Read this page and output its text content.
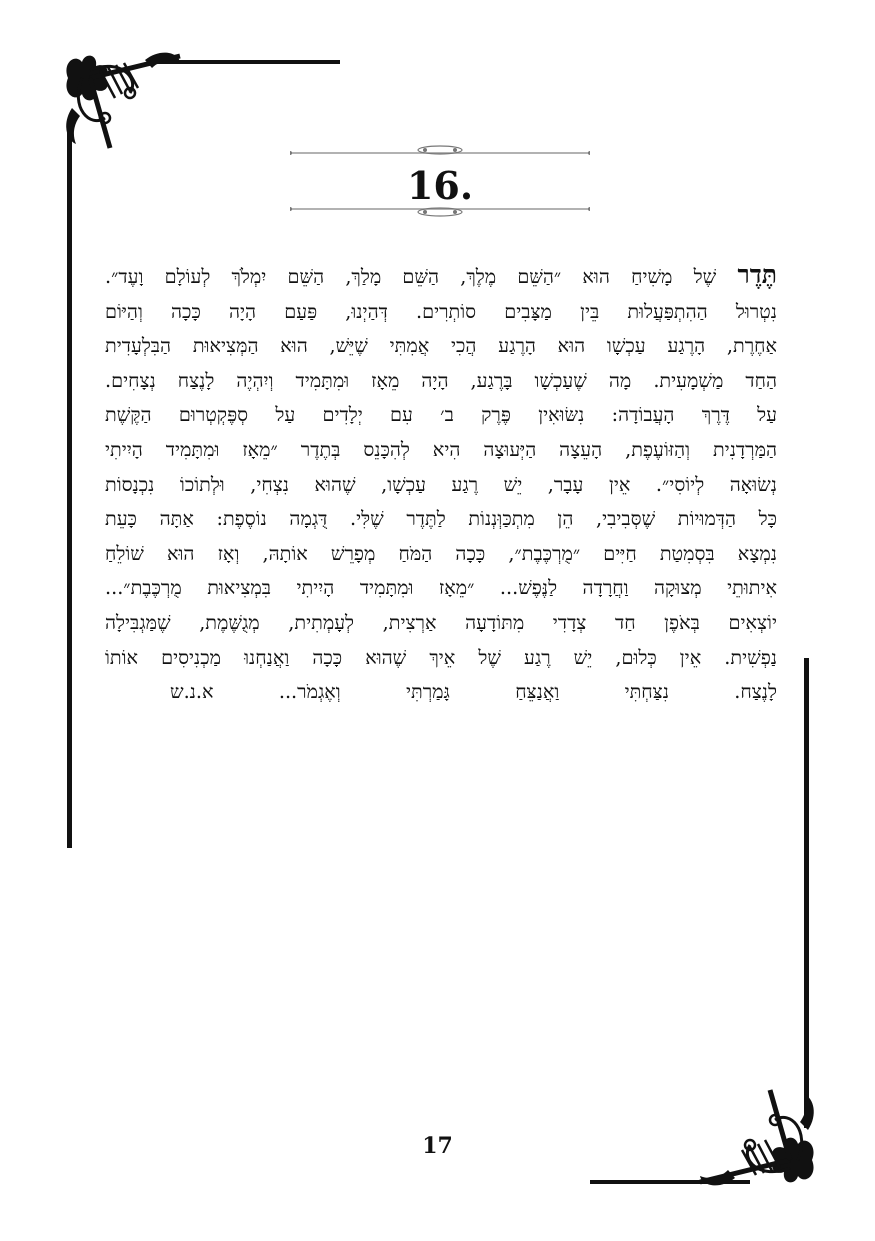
16.
תֶּדֶר שֶׁל מָשִׁיחַ הוּא ״הַשֵּׁם מֶלֶךְ, הַשֵּׁם מָלַךְ, הַשֵּׁם יִמְלֹךְ לְעוֹלָם וָעֶד״.
נִטְרוּל הַהִתְפַּעֲלוּת בֵּין מַצָּבִים סוֹתְרִים. דְּהַיְנוּ, פַּעַם הָיָה כָּכָה וְהַיּוֹם
אַחֶרֶת, הָרֶגַע עַכְשָׁו הוּא הָרֶגַע הֲכִי אֲמִתִּי שֶׁיֵּשׁ, הוּא הַמְּצִיאוּת הַבִּלְעָדִית
הַחַד מַשְׁמָעִית. מָה שֶׁעַכְשָׁו בָּרֶגַע, הָיָה מֵאָז וּמִתָּמִיד וְיִהְיֶה לָנֶצַח נְצָחִים.
עַל דֶּרֶךְ הָעֲבוֹדָה: נִשּׂוּאִין פֶּרֶק ב׳ עִם יְלָדִים עַל סְפֶּקְטְרוּם הַקֶּשֶׁת
הַמַּרְדָנִית וְהַזּוֹעֶפֶת, הָעֵצָה הַיְּעוּצָה הִיא לְהִכָּנֵס בְּתֶדֶר ״מֵאָז וּמִתָּמִיד הָיִיתִי
נְשׂוּאָה לְיוֹסִי״. אֵין עָבָר, יֵשׁ רֶגַע עַכְשָׁו, שֶׁהוּא נִצְחִי, וּלְתוֹכוֹ נִכְנָסוֹת
כָּל הַדְּמוּיוֹת שֶׁסְּבִיבִי, הֵן מִתְכַּוְּנְנוֹת לַתֶּדֶר שֶׁלִּי. דֻּגְמָה נוֹסֶפֶת: אַתָּה כָּעֵת
נִמְצָא בִּסְמִטַת חַיִּים ״מֻרְכֶּבֶת״, כָּכָה הַמֹּחַ מְפָרֵשׁ אוֹתָהּ, וְאָז הוּא שׁוֹלֵחַ
אִיתוּתֵי מְצוּקָה וַחֲרָדָה לַנֶּפֶשׁ... ״מֵאָז וּמִתָּמִיד הָיִיתִי בִּמְצִיאוּת מֻרְכֶּבֶת״...
יוֹצְאִים בְּאֹפֶן חַד צְדָדִי מִתּוֹדָעָה אַרְצִית, לְעָמְתִית, מְגֻשֶּׁמֶת, שֶׁמַּגְבִּילָה
נַפְשִׁית. אֵין כְּלוּם, יֵשׁ רֶגַע שֶׁל אֵיךְ שֶׁהוּא כָּכָה וַאֲנַחְנוּ מַכְנִיסִים אוֹתוֹ
לָנֶצַח. נִצַּחְתִּי וַאֲנַצֵּחַ גָּמַרְתִּי וְאֶגְמֹר... א.נ.ש
17
